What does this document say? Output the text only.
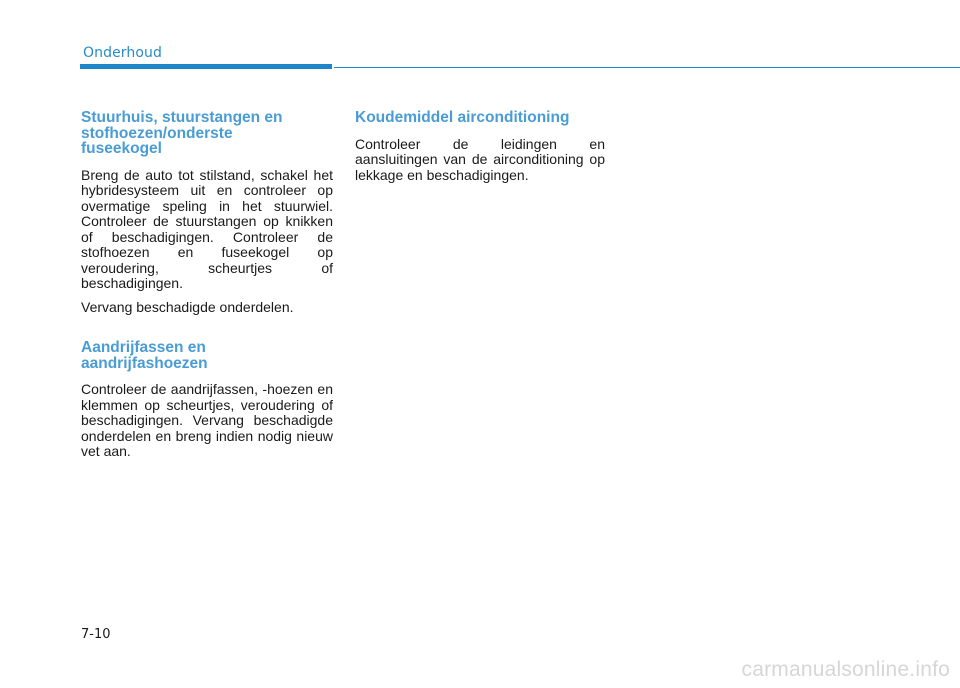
Onderhoud
Stuurhuis, stuurstangen en stofhoezen/onderste fuseekogel

Breng de auto tot stilstand, schakel het hybridesysteem uit en controleer op overmatige speling in het stuurwiel. Controleer de stuurstangen op knikken of beschadigingen. Controleer de stofhoezen en fuseekogel op veroudering, scheurtjes of beschadigingen.

Vervang beschadigde onderdelen.

Aandrijfassen en aandrijfashoezen

Controleer de aandrijfassen, -hoezen en klemmen op scheurtjes, veroudering of beschadigingen. Vervang beschadigde onderdelen en breng indien nodig nieuw vet aan.

Koudemiddel airconditioning

Controleer de leidingen en aansluitingen van de airconditioning op lekkage en beschadigingen.

7-10
carmanualsonline.info
